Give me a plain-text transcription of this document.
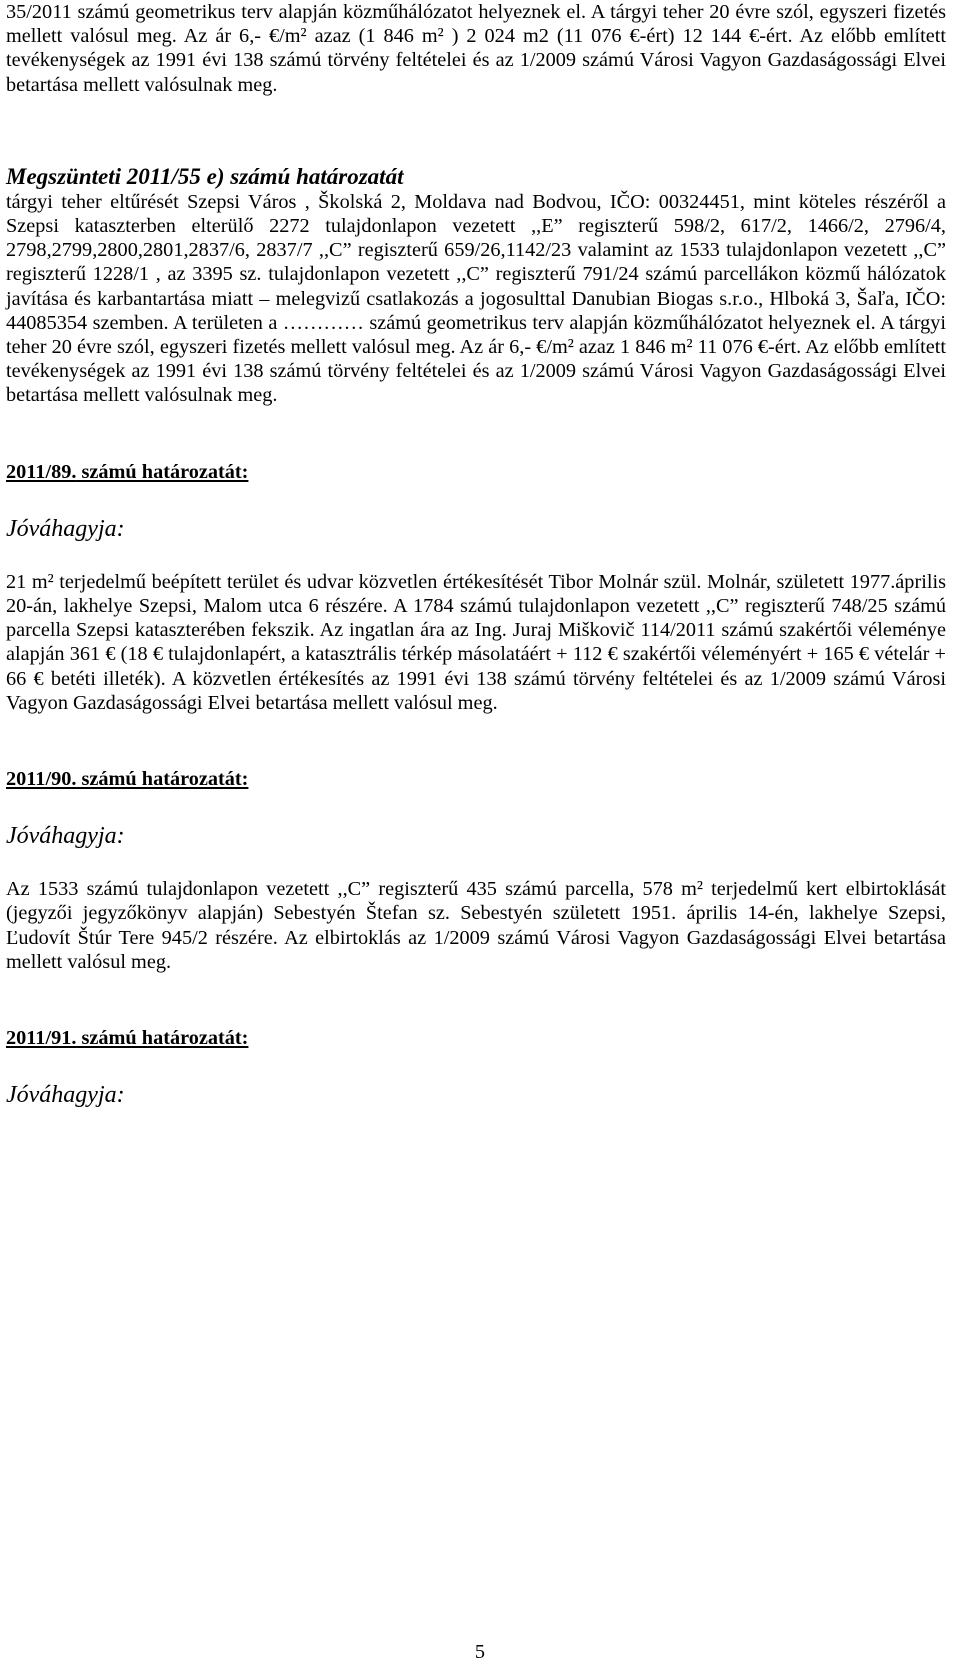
35/2011 számú geometrikus terv alapján közműhálózatot helyeznek el. A tárgyi teher 20 évre szól, egyszeri fizetés mellett valósul meg. Az ár 6,- €/m² azaz (1 846 m² ) 2 024 m2 (11 076 €-ért) 12 144 €-ért. Az előbb említett tevékenységek az 1991 évi 138 számú törvény feltételei és az 1/2009 számú Városi Vagyon Gazdaságossági Elvei betartása mellett valósulnak meg.

Megszünteti 2011/55 e) számú határozatát

tárgyi teher eltűrését Szepsi Város , Školská 2, Moldava nad Bodvou, IČO: 00324451, mint köteles részéről a Szepsi kataszterben elterülő 2272 tulajdonlapon vezetett ,,E” regiszterű 598/2, 617/2, 1466/2, 2796/4, 2798,2799,2800,2801,2837/6, 2837/7 ,,C” regiszterű 659/26,1142/23 valamint az 1533 tulajdonlapon vezetett ,,C” regiszterű 1228/1 , az 3395 sz. tulajdonlapon vezetett ,,C” regiszterű 791/24 számú parcellákon közmű hálózatok javítása és karbantartása miatt – melegvizű csatlakozás a jogosulttal Danubian Biogas s.r.o., Hlboká 3, Šaľa, IČO: 44085354 szemben. A területen a ………… számú geometrikus terv alapján közműhálózatot helyeznek el. A tárgyi teher 20 évre szól, egyszeri fizetés mellett valósul meg. Az ár 6,- €/m² azaz 1 846 m² 11 076 €-ért. Az előbb említett tevékenységek az 1991 évi 138 számú törvény feltételei és az 1/2009 számú Városi Vagyon Gazdaságossági Elvei betartása mellett valósulnak meg.

2011/89. számú határozatát:

Jóváhagyja:

21 m² terjedelmű beépített terület és udvar közvetlen értékesítését Tibor Molnár szül. Molnár, született 1977.április 20-án, lakhelye Szepsi, Malom utca 6 részére. A 1784 számú tulajdonlapon vezetett ,,C” regiszterű 748/25 számú parcella Szepsi kataszterében fekszik. Az ingatlan ára az Ing. Juraj Miškovič 114/2011 számú szakértői véleménye alapján 361 € (18 € tulajdonlapért, a katasztrális térkép másolatáért + 112 € szakértői véleményért + 165 € vételár + 66 € betéti illeték). A közvetlen értékesítés az 1991 évi 138 számú törvény feltételei és az 1/2009 számú Városi Vagyon Gazdaságossági Elvei betartása mellett valósul meg.

2011/90. számú határozatát:

Jóváhagyja:

Az 1533 számú tulajdonlapon vezetett ,,C” regiszterű 435 számú parcella, 578 m² terjedelmű kert elbirtoklását (jegyzői jegyzőkönyv alapján) Sebestyén Štefan sz. Sebestyén született 1951. április 14-én, lakhelye Szepsi, Ľudovít Štúr Tere 945/2 részére. Az elbirtoklás az 1/2009 számú Városi Vagyon Gazdaságossági Elvei betartása mellett valósul meg.

2011/91. számú határozatát:

Jóváhagyja:

5
